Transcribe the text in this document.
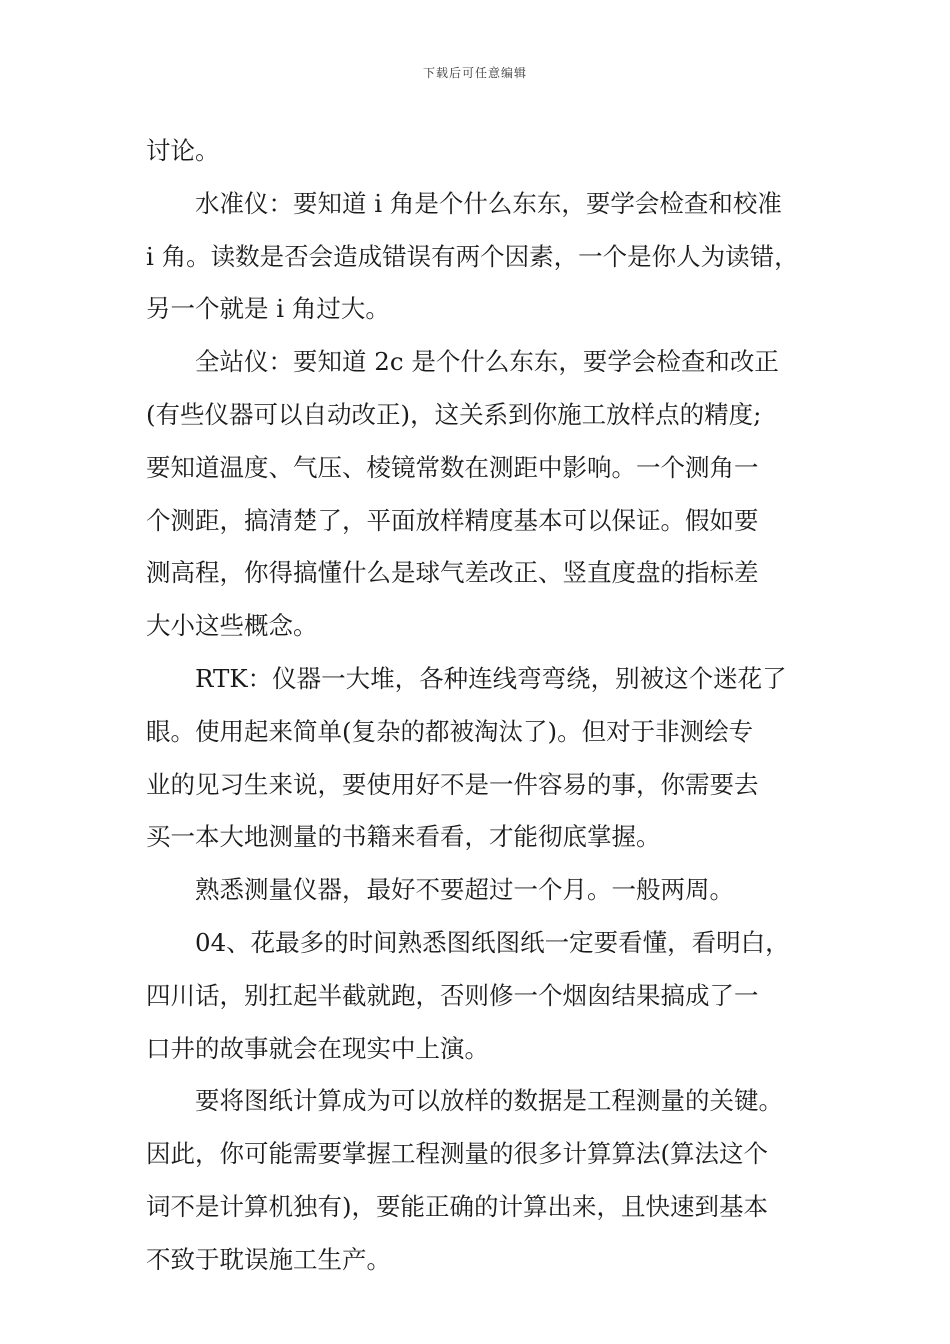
下载后可任意编辑
讨论。
水准仪：要知道 i 角是个什么东东，要学会检查和校准
i 角。读数是否会造成错误有两个因素，一个是你人为读错，
另一个就是 i 角过大。
全站仪：要知道 2c 是个什么东东，要学会检查和改正
(有些仪器可以自动改正)，这关系到你施工放样点的精度;
要知道温度、气压、棱镜常数在测距中影响。一个测角一
个测距，搞清楚了，平面放样精度基本可以保证。假如要
测高程，你得搞懂什么是球气差改正、竖直度盘的指标差
大小这些概念。
RTK：仪器一大堆，各种连线弯弯绕，别被这个迷花了
眼。使用起来简单(复杂的都被淘汰了)。但对于非测绘专
业的见习生来说，要使用好不是一件容易的事，你需要去
买一本大地测量的书籍来看看，才能彻底掌握。
熟悉测量仪器，最好不要超过一个月。一般两周。
04、花最多的时间熟悉图纸图纸一定要看懂，看明白，
四川话，别扛起半截就跑，否则修一个烟囱结果搞成了一
口井的故事就会在现实中上演。
要将图纸计算成为可以放样的数据是工程测量的关键。
因此，你可能需要掌握工程测量的很多计算算法(算法这个
词不是计算机独有)，要能正确的计算出来，且快速到基本
不致于耽误施工生产。
